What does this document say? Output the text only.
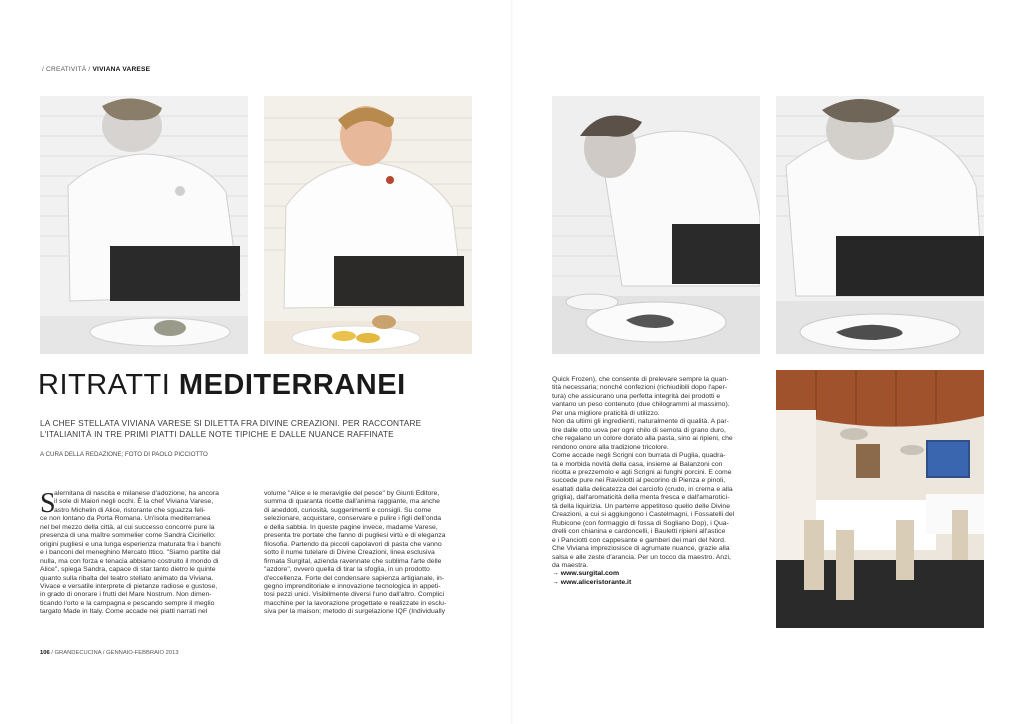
/ CREATIVITÀ / VIVIANA VARESE
RITRATTI MEDITERRANEI
LA CHEF STELLATA VIVIANA VARESE SI DILETTA FRA DIVINE CREAZIONI. PER RACCONTARE
L'ITALIANITÀ IN TRE PRIMI PIATTI DALLE NOTE TIPICHE E DALLE NUANCE RAFFINATE
A CURA DELLA REDAZIONE; FOTO DI PAOLO PICCIOTTO
S
alernitana di nascita e milanese d'adozione, ha ancora
il sole di Maiori negli occhi. È la chef Viviana Varese,
astro Michelin di Alice, ristorante che sguazza feli-
ce non lontano da Porta Romana. Un'isola mediterranea
nel bel mezzo della città, al cui successo concorre pure la
presenza di una maître sommelier come Sandra Ciciriello:
origini pugliesi e una lunga esperienza maturata fra i banchi
e i banconi del meneghino Mercato Ittico. "Siamo partite dal
nulla, ma con forza e tenacia abbiamo costruito il mondo di
Alice", spiega Sandra, capace di star tanto dietro le quinte
quanto sulla ribalta del teatro stellato animato da Viviana.
Vivace e versatile interprete di pietanze radiose e gustose,
in grado di onorare i frutti del Mare Nostrum. Non dimen-
ticando l'orto e la campagna e pescando sempre il meglio
targato Made in Italy. Come accade nei piatti narrati nel
volume "Alice e le meraviglie del pesce" by Giunti Editore,
summa di quaranta ricette dall'anima raggiante, ma anche
di aneddoti, curiosità, suggerimenti e consigli. Su come
selezionare, acquistare, conservare e pulire i figli dell'onda
e della sabbia. In queste pagine invece, madame Varese,
presenta tre portate che fanno di pugliesi virtù e di eleganza
filosofia. Partendo da piccoli capolavori di pasta che vanno
sotto il nume tutelare di Divine Creazioni, linea esclusiva
firmata Surgital, azienda ravennate che sublima l'arte delle
"azdore", ovvero quella di tirar la sfoglia, in un prodotto
d'eccellenza. Forte del condensare sapienza artigianale, in-
gegno imprenditoriale e innovazione tecnologica in appeti-
tosi pezzi unici. Visibilmente diversi l'uno dall'altro. Complici
macchine per la lavorazione progettate e realizzate in esclu-
siva per la maison; metodo di surgelazione IQF (Individually
Quick Frozen), che consente di prelevare sempre la quan-
tità necessaria; nonché confezioni (richiudibili dopo l'aper-
tura) che assicurano una perfetta integrità dei prodotti e
vantano un peso contenuto (due chilogrammi al massimo).
Per una migliore praticità di utilizzo.
Non da ultimi gli ingredienti, naturalmente di qualità. A par-
tire dalle otto uova per ogni chilo di semola di grano duro,
che regalano un colore dorato alla pasta, sino ai ripieni, che
rendono onore alla tradizione tricolore.
Come accade negli Scrigni con burrata di Puglia, quadra-
ta e morbida novità della casa, insieme ai Balanzoni con
ricotta e prezzemolo e agli Scrigni ai funghi porcini. E come
succede pure nei Raviolotti al pecorino di Pienza e pinoli,
esaltati dalla delicatezza del carciofo (crudo, in crema e alla
griglia), dall'aromaticità della menta fresca e dall'amaroticì-
tà della liquirizia. Un parterre appetitoso quello delle Divine
Creazioni, a cui si aggiungono i Castelmagni, i Fossatelli del
Rubicone (con formaggio di fossa di Sogliano Dop), i Qua-
drelli con chianina e cardoncelli, i Bauletti ripieni all'astice
e i Panciotti con cappesante e gamberi dei mari del Nord.
Che Viviana impreziosisce di agrumate nuance, grazie alla
salsa e alle zeste d'arancia. Per un tocco da maestro. Anzi,
da maestra.
→ www.surgital.com
→ www.aliceristorante.it
106 / GRANDECUCINA / GENNAIO-FEBBRAIO 2013
